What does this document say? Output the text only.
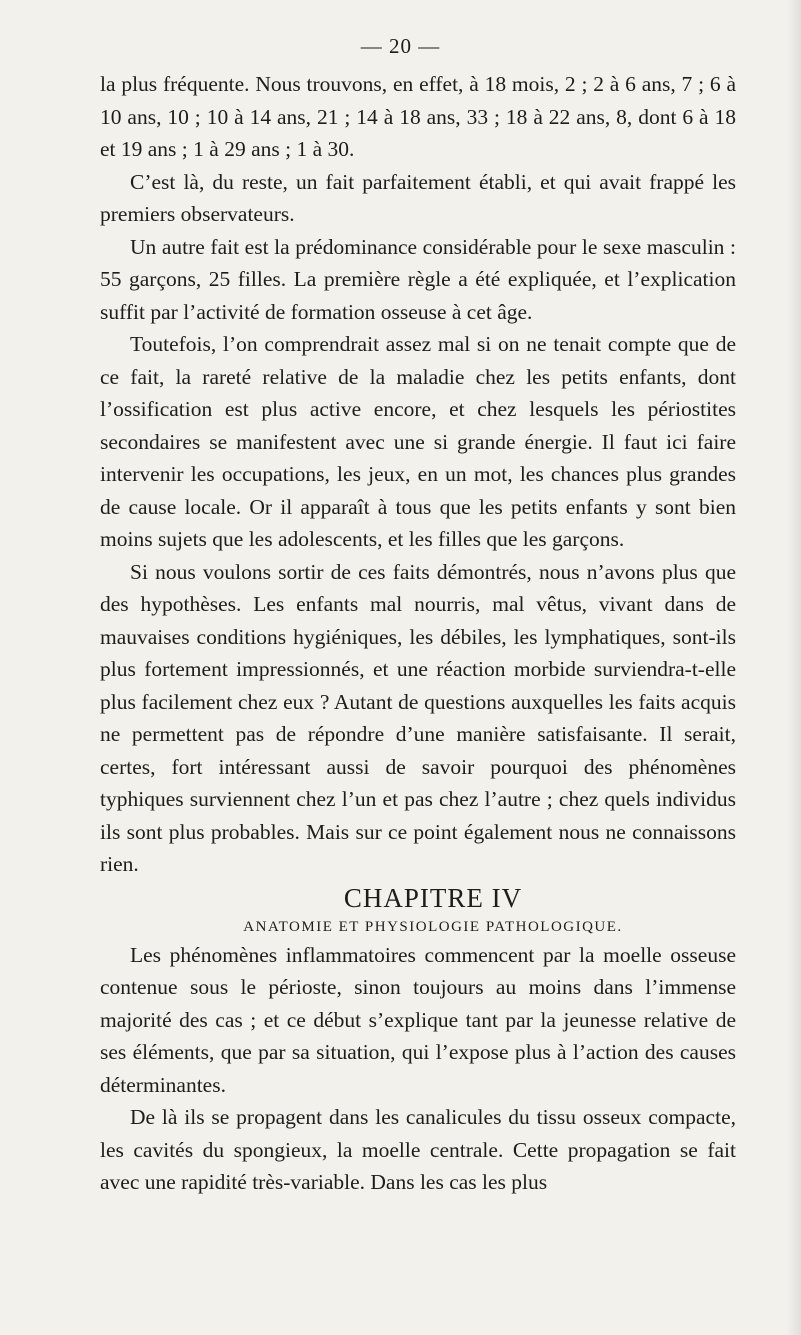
— 20 —

la plus fréquente. Nous trouvons, en effet, à 18 mois, 2 ; 2 à 6 ans, 7 ; 6 à 10 ans, 10 ; 10 à 14 ans, 21 ; 14 à 18 ans, 33 ; 18 à 22 ans, 8, dont 6 à 18 et 19 ans ; 1 à 29 ans ; 1 à 30.

C’est là, du reste, un fait parfaitement établi, et qui avait frappé les premiers observateurs.

Un autre fait est la prédominance considérable pour le sexe masculin : 55 garçons, 25 filles. La première règle a été expliquée, et l’explication suffit par l’activité de formation osseuse à cet âge.

Toutefois, l’on comprendrait assez mal si on ne tenait compte que de ce fait, la rareté relative de la maladie chez les petits enfants, dont l’ossification est plus active encore, et chez lesquels les périostites secondaires se manifestent avec une si grande énergie. Il faut ici faire intervenir les occupations, les jeux, en un mot, les chances plus grandes de cause locale. Or il apparaît à tous que les petits enfants y sont bien moins sujets que les adolescents, et les filles que les garçons.

Si nous voulons sortir de ces faits démontrés, nous n’avons plus que des hypothèses. Les enfants mal nourris, mal vêtus, vivant dans de mauvaises conditions hygiéniques, les débiles, les lymphatiques, sont-ils plus fortement impressionnés, et une réaction morbide surviendra-t-elle plus facilement chez eux ? Autant de questions auxquelles les faits acquis ne permettent pas de répondre d’une manière satisfaisante. Il serait, certes, fort intéressant aussi de savoir pourquoi des phénomènes typhiques surviennent chez l’un et pas chez l’autre ; chez quels individus ils sont plus probables. Mais sur ce point également nous ne connaissons rien.

CHAPITRE IV

ANATOMIE ET PHYSIOLOGIE PATHOLOGIQUE.

Les phénomènes inflammatoires commencent par la moelle osseuse contenue sous le périoste, sinon toujours au moins dans l’immense majorité des cas ; et ce début s’explique tant par la jeunesse relative de ses éléments, que par sa situation, qui l’expose plus à l’action des causes déterminantes.

De là ils se propagent dans les canalicules du tissu osseux compacte, les cavités du spongieux, la moelle centrale. Cette propagation se fait avec une rapidité très-variable. Dans les cas les plus
